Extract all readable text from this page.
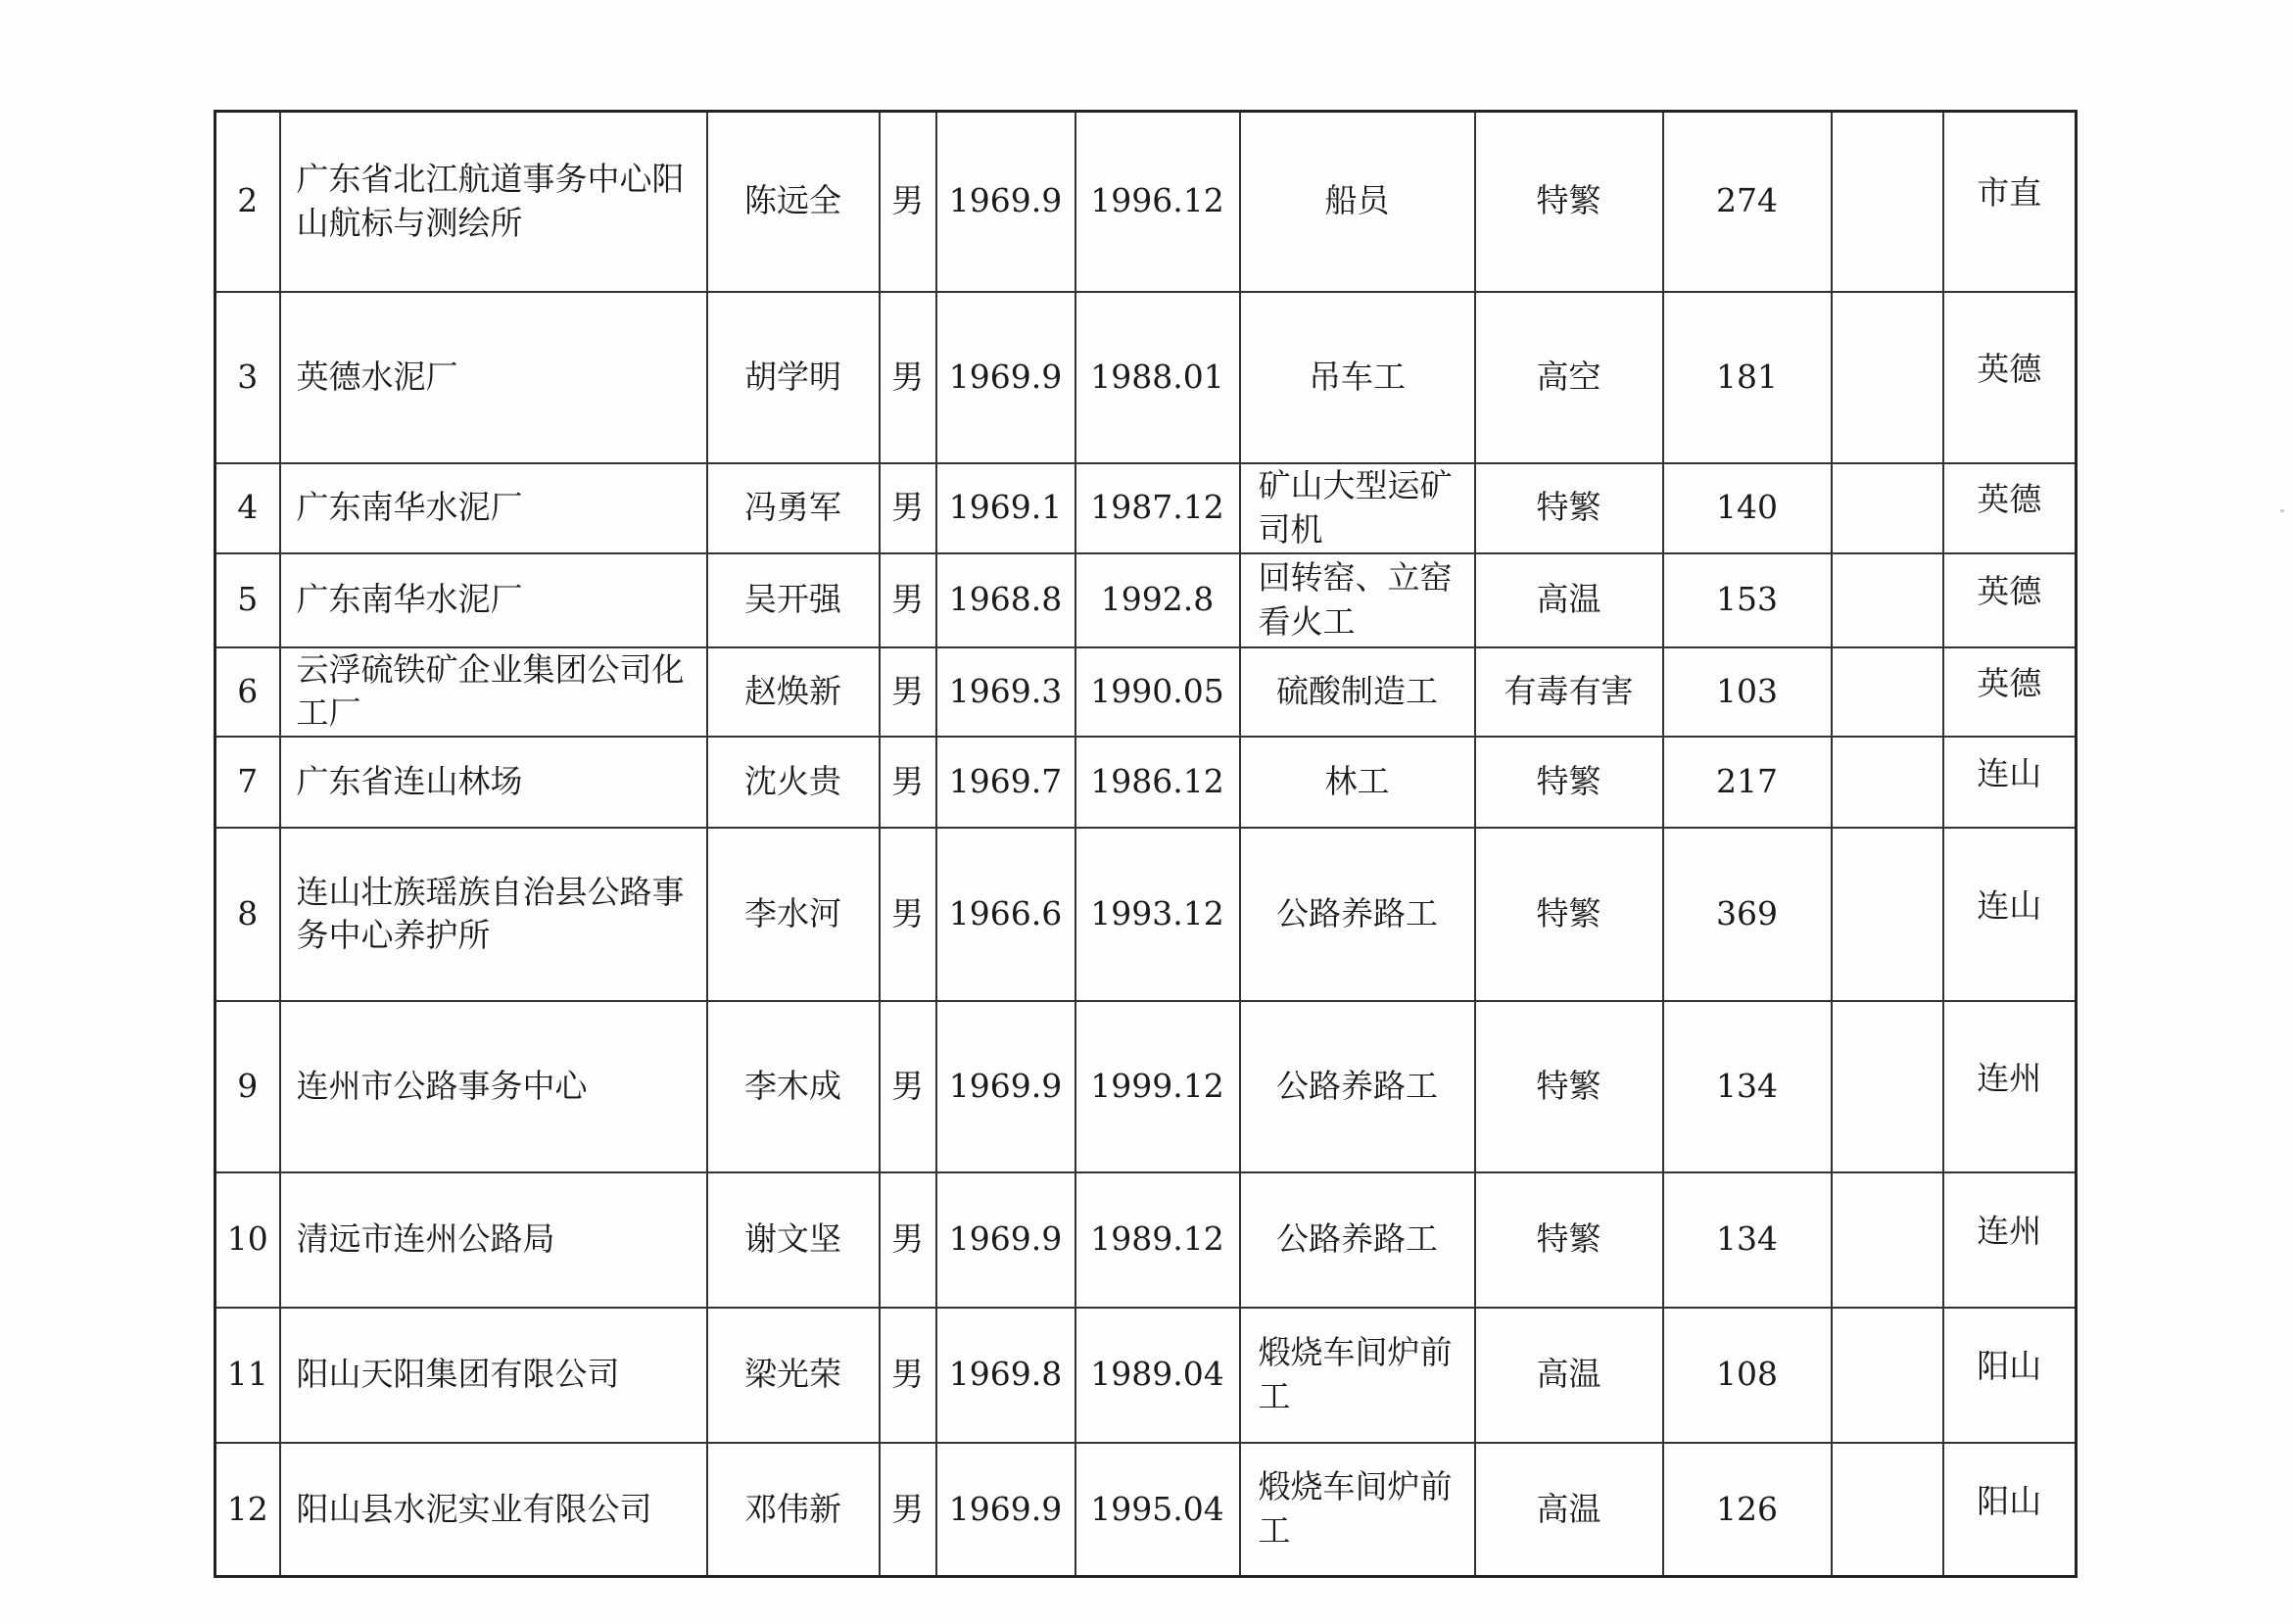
2	广东省北江航道事务中心阳山航标与测绘所	陈远全	男	1969.9	1996.12	船员	特繁	274		市直
3	英德水泥厂	胡学明	男	1969.9	1988.01	吊车工	高空	181		英德
4	广东南华水泥厂	冯勇军	男	1969.1	1987.12	矿山大型运矿司机	特繁	140		英德
5	广东南华水泥厂	吴开强	男	1968.8	1992.8	回转窑、立窑看火工	高温	153		英德
6	云浮硫铁矿企业集团公司化工厂	赵焕新	男	1969.3	1990.05	硫酸制造工	有毒有害	103		英德
7	广东省连山林场	沈火贵	男	1969.7	1986.12	林工	特繁	217		连山
8	连山壮族瑶族自治县公路事务中心养护所	李水河	男	1966.6	1993.12	公路养路工	特繁	369		连山
9	连州市公路事务中心	李木成	男	1969.9	1999.12	公路养路工	特繁	134		连州
10	清远市连州公路局	谢文坚	男	1969.9	1989.12	公路养路工	特繁	134		连州
11	阳山天阳集团有限公司	梁光荣	男	1969.8	1989.04	煅烧车间炉前工	高温	108		阳山
12	阳山县水泥实业有限公司	邓伟新	男	1969.9	1995.04	煅烧车间炉前工	高温	126		阳山
